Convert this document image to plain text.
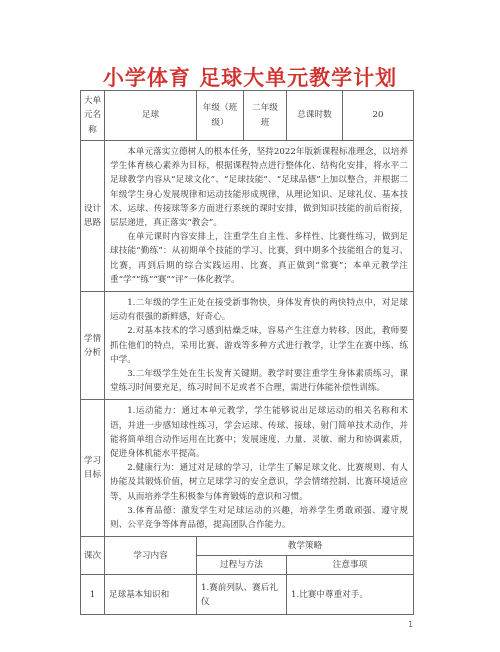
小学体育 足球大单元教学计划
大单元名称	足球	年级（班级）	二年级 班	总课时数	20
设计思路	本单元落实立德树人的根本任务，坚持2022年版新课程标准理念，以培养学生体育核心素养为目标，根据课程特点进行整体化、结构化安排，将水平二足球教学内容从“足球文化”、“足球技能”、“足球品德”上加以整合，并根据二年级学生身心发展规律和运动技能形成规律，从理论知识、足球礼仪、基本技术、运球、传接球等多方面进行系统的课时安排，做到知识技能的前后衔接，层层递进，真正落实“教会”。

在单元课时内容安排上，注重学生自主性、多样性、比赛性练习，做到足球技能“勤练”：从初期单个技能的学习、比赛，到中期多个技能组合的复习、比赛，再到后期的综合实践运用、比赛，真正做到“常赛”；本单元教学注重“学”“练”“赛”“评”一体化教学。				

学情分析	1.二年级的学生正处在接受新事物快，身体发育快的两快特点中，对足球运动有很强的新鲜感，好奇心。

2.对基本技术的学习感到枯燥乏味，容易产生注意力转移，因此，教师要抓住他们的特点，采用比赛、游戏等多种方式进行教学，让学生在赛中练、练中学。

3.二年级学生处在生长发育关键期。教学时要注重学生身体素质练习，课堂练习时间要充足，练习时间不足或者不合理，需进行体能补偿性训练。				

学习目标	1.运动能力：通过本单元教学，学生能够说出足球运动的相关名称和术语，并进一步感知球性练习，学会运球、传球、接球、射门简单技术动作，并能将简单组合动作运用在比赛中；发展速度、力量、灵敏、耐力和协调素质，促进身体机能水平提高。

2.健康行为：通过对足球的学习，让学生了解足球文化、比赛规则、有人协能及其锻炼价值，树立足球学习的安全意识，学会情绪控制、比赛环境适应等，从而培养学生积极参与体育锻炼的意识和习惯。

3.体育品德：激发学生对足球运动的兴趣，培养学生勇敢顽强、遵守规则、公平竞争等体育品德，提高团队合作能力。				

课次	学习内容	教学策略			
		过程与方法		注意事项	
1	足球基本知识和	1.赛前列队、赛后礼仪		1.比赛中尊重对手。	
1
